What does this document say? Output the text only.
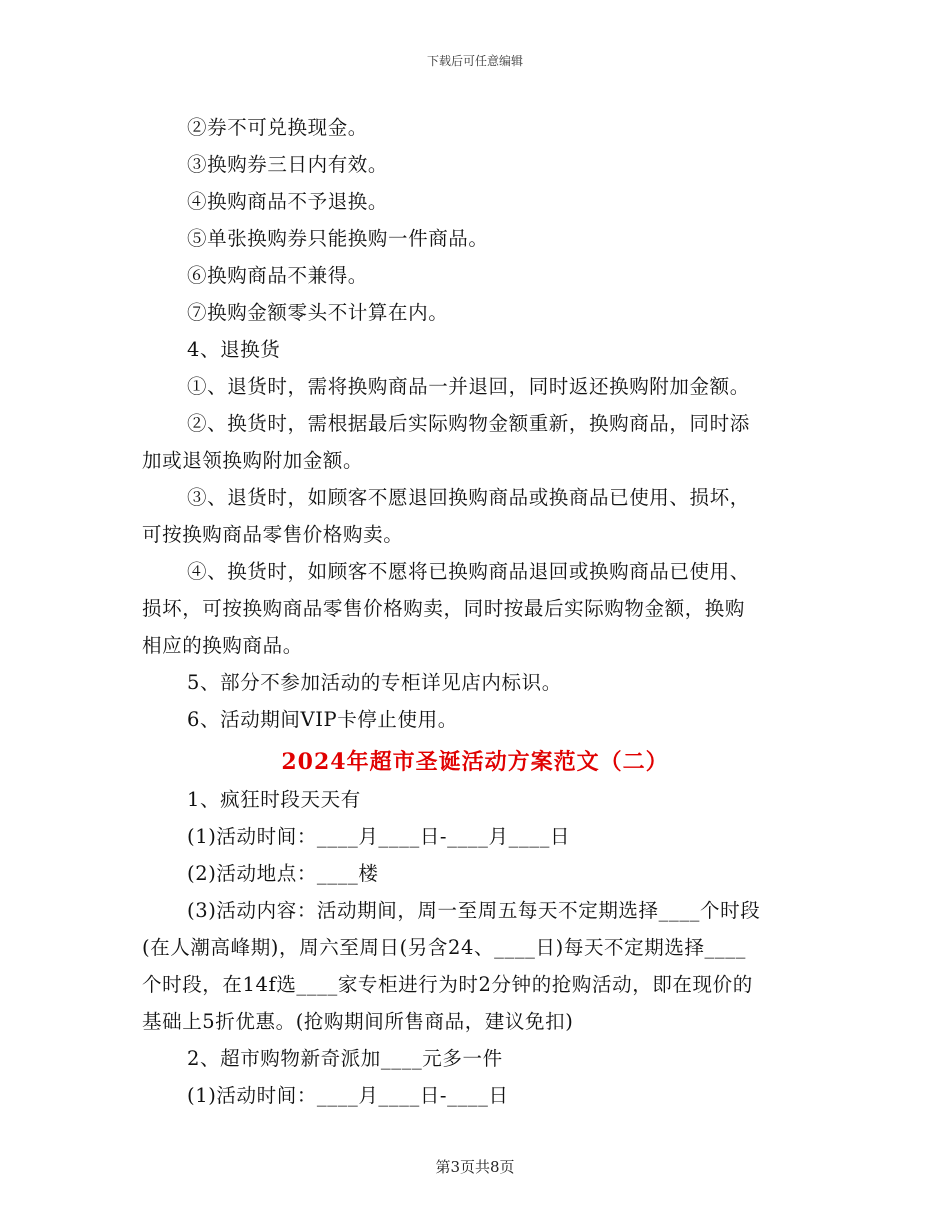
下载后可任意编辑
②券不可兑换现金。
③换购券三日内有效。
④换购商品不予退换。
⑤单张换购券只能换购一件商品。
⑥换购商品不兼得。
⑦换购金额零头不计算在内。
4、退换货
①、退货时，需将换购商品一并退回，同时返还换购附加金额。
②、换货时，需根据最后实际购物金额重新，换购商品，同时添
加或退领换购附加金额。
③、退货时，如顾客不愿退回换购商品或换商品已使用、损坏，
可按换购商品零售价格购卖。
④、换货时，如顾客不愿将已换购商品退回或换购商品已使用、
损坏，可按换购商品零售价格购卖，同时按最后实际购物金额，换购
相应的换购商品。
5、部分不参加活动的专柜详见店内标识。
6、活动期间VIP卡停止使用。
2024年超市圣诞活动方案范文（二）
1、疯狂时段天天有
(1)活动时间：____月____日-____月____日
(2)活动地点：____楼
(3)活动内容：活动期间，周一至周五每天不定期选择____个时段
(在人潮高峰期)，周六至周日(另含24、____日)每天不定期选择____
个时段，在14f选____家专柜进行为时2分钟的抢购活动，即在现价的
基础上5折优惠。(抢购期间所售商品，建议免扣)
2、超市购物新奇派加____元多一件
(1)活动时间：____月____日-____日
第3页共8页
